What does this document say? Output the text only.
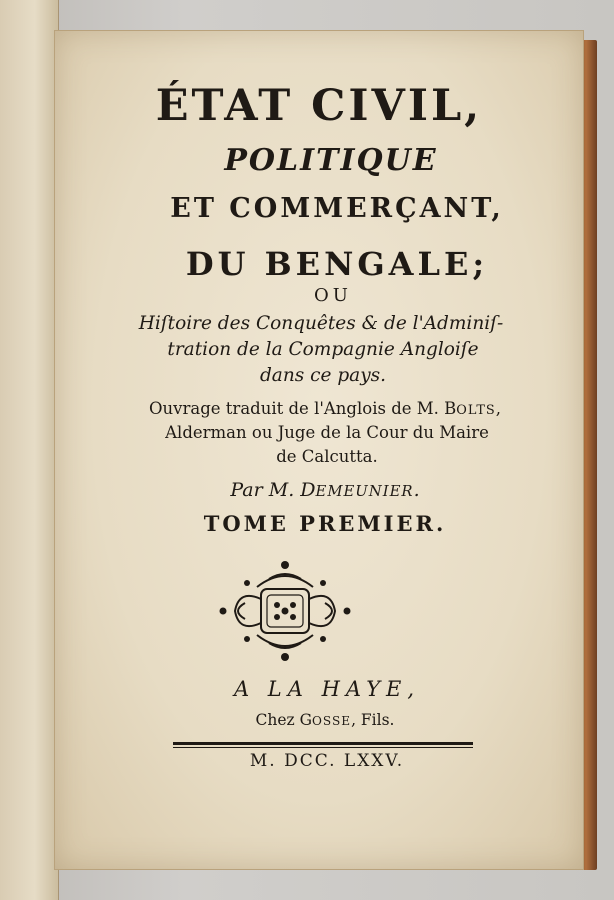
ÉTAT CIVIL,
POLITIQUE
ET COMMERÇANT,
DU BENGALE;
OU
Hiſtoire des Conquêtes & de l'Adminiſ-
tration de la Compagnie Angloiſe
dans ce pays.
Ouvrage traduit de l'Anglois de M. BOLTS,
Alderman ou Juge de la Cour du Maire
de Calcutta.
Par M. DEMEUNIER.
TOME PREMIER.
A LA HAYE,
Chez GOSSE, Fils.
M. DCC. LXXV.
